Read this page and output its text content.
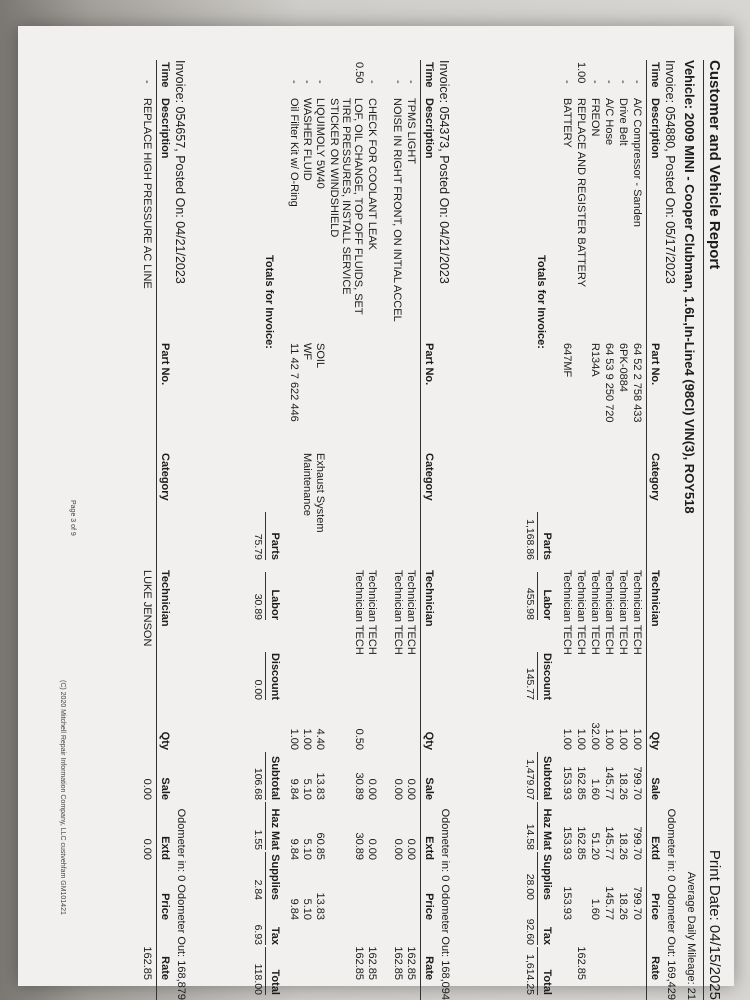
Customer and Vehicle Report
Print Date: 04/15/2025
Vehicle: 2009 MINI - Cooper Clubman, 1.6L,In-Line4 (98CI) VIN(3), ROY518
Average Daily Mileage: 21
Invoice: 054880, Posted On: 05/17/2023
Odometer in: 0 Odometer Out: 169,429
Time
Description
Part No.
Category
Technician
Qty
Sale
Extd
Price
Rate
-
A/C Compressor - Sanden
64 52 2 758 433
Technician TECH
1.00
799.70
799.70
799.70
-
Drive Belt
6PK-0884
Technician TECH
1.00
18.26
18.26
18.26
-
A/C Hose
64 53 9 250 720
Technician TECH
1.00
145.77
145.77
145.77
-
FREON
R134A
Technician TECH
32.00
1.60
51.20
1.60
1.00
REPLACE AND REGISTER BATTERY
Technician TECH
1.00
162.85
162.85
162.85
-
BATTERY
647MF
Technician TECH
1.00
153.93
153.93
153.93
Totals for Invoice:
Parts
1,168.86
Labor
455.98
Discount
145.77
Subtotal
1,479.07
Haz Mat
14.58
Supplies
28.00
Tax
92.60
Total
1,614.25
Invoice: 054373, Posted On: 04/21/2023
Odometer in: 0 Odometer Out: 168,094
Time
Description
Part No.
Category
Technician
Qty
Sale
Extd
Price
Rate
-
TPMS LIGHT
Technician TECH
0.00
0.00
162.85
-
NOISE IN RIGHT FRONT, ON INTIAL ACCEL
Technician TECH
0.00
0.00
162.85
-
CHECK FOR COOLANT LEAK
Technician TECH
0.00
0.00
162.85
0.50
LOF, OIL CHANGE, TOP OFF FLUIDS, SET TIRE PRESSURES, INSTALL SERVICE STICKER ON WINDSHIELD
Technician TECH
0.50
30.89
30.89
162.85
-
LIQUIMOLY 5W40
SOIL
Exhaust System
4.40
13.83
60.85
13.83
-
WASHER FLUID
WF
Maintenance
1.00
5.10
5.10
5.10
-
Oil Filter Kit w/ O-Ring
11 42 7 622 446
1.00
9.84
9.84
9.84
Totals for Invoice:
Parts
75.79
Labor
30.89
Discount
0.00
Subtotal
106.68
Haz Mat
1.55
Supplies
2.84
Tax
6.93
Total
118.00
Invoice: 054657, Posted On: 04/21/2023
Odometer in: 0 Odometer Out: 168,879
Time
Description
Part No.
Category
Technician
Qty
Sale
Extd
Price
Rate
-
REPLACE HIGH PRESSURE AC LINE
LUKE JENSON
0.00
0.00
162.85
Page 3 of 9
(C) 2020 Mitchell Repair Information Company, LLC custvehfam GM101421
